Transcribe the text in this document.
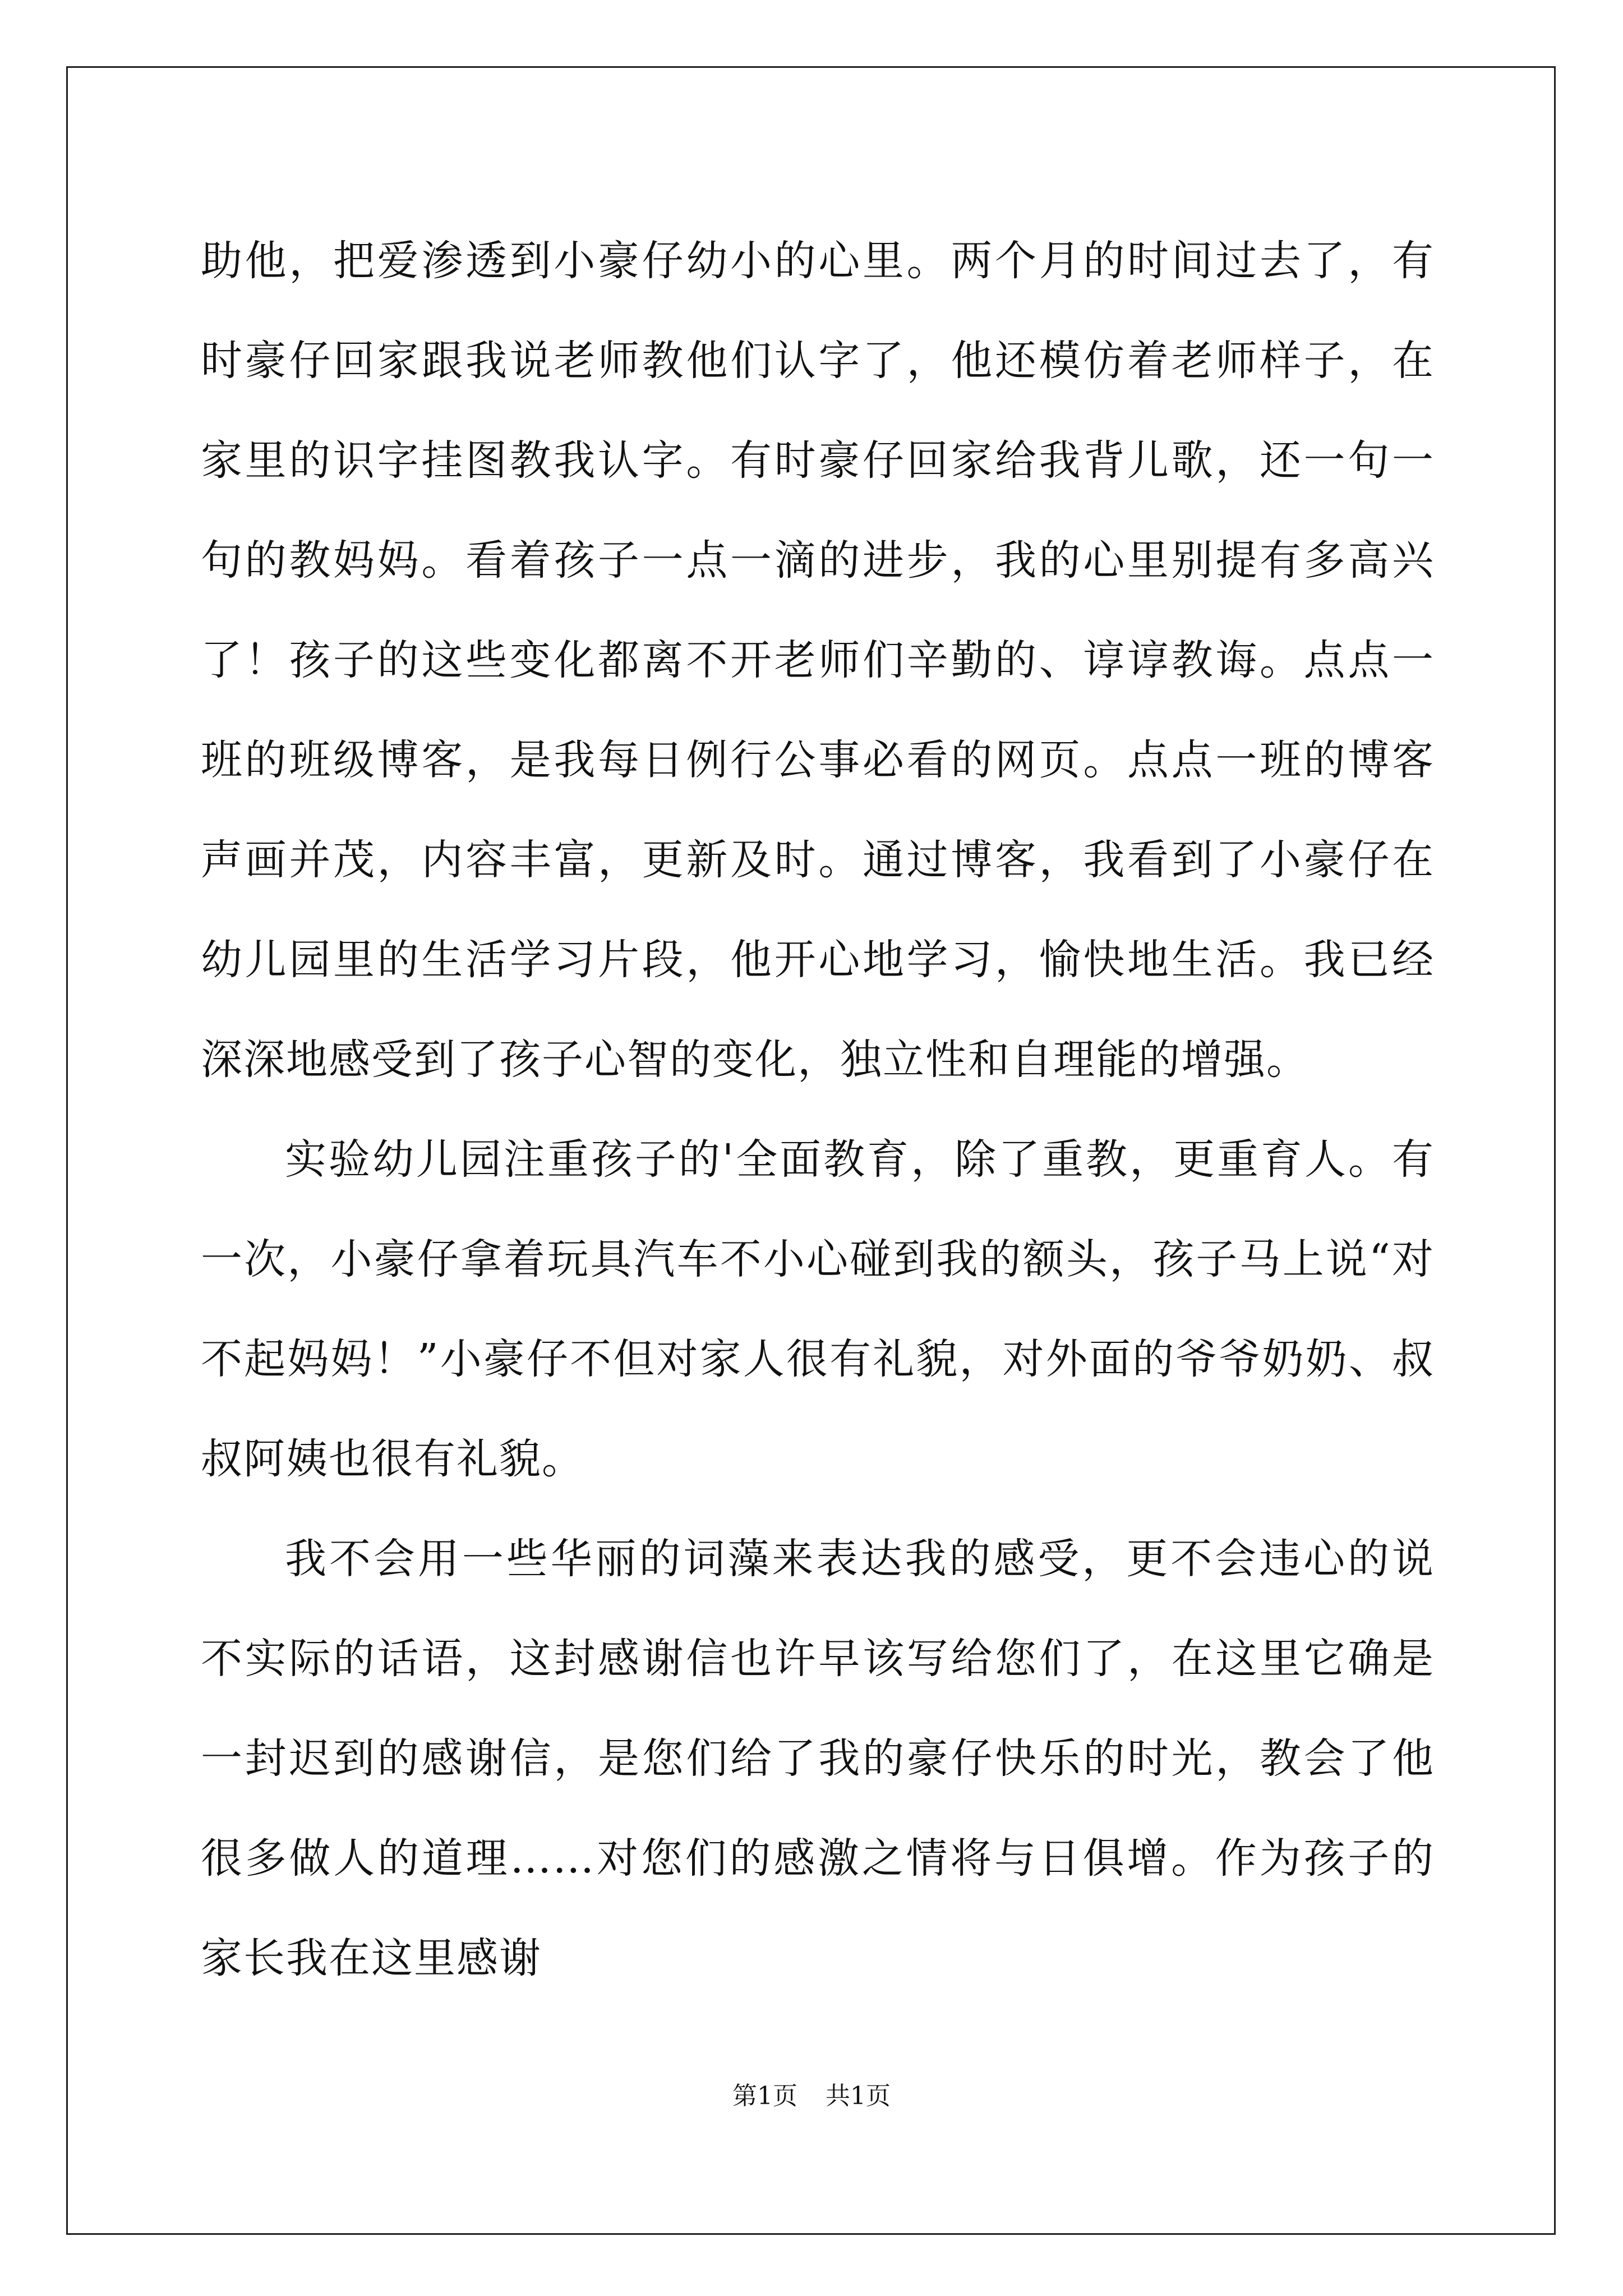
助他，把爱渗透到小豪仔幼小的心里。两个月的时间过去了，有时豪仔回家跟我说老师教他们认字了，他还模仿着老师样子，在家里的识字挂图教我认字。有时豪仔回家给我背儿歌，还一句一句的教妈妈。看着孩子一点一滴的进步，我的心里别提有多高兴了！孩子的这些变化都离不开老师们辛勤的、谆谆教诲。点点一班的班级博客，是我每日例行公事必看的网页。点点一班的博客声画并茂，内容丰富，更新及时。通过博客，我看到了小豪仔在幼儿园里的生活学习片段，他开心地学习，愉快地生活。我已经深深地感受到了孩子心智的变化，独立性和自理能的增强。

实验幼儿园注重孩子的'全面教育，除了重教，更重育人。有一次，小豪仔拿着玩具汽车不小心碰到我的额头，孩子马上说“对不起妈妈！”小豪仔不但对家人很有礼貌，对外面的爷爷奶奶、叔叔阿姨也很有礼貌。

我不会用一些华丽的词藻来表达我的感受，更不会违心的说不实际的话语，这封感谢信也许早该写给您们了，在这里它确是一封迟到的感谢信，是您们给了我的豪仔快乐的时光，教会了他很多做人的道理……对您们的感激之情将与日俱增。作为孩子的家长我在这里感谢

第1页 共1页
